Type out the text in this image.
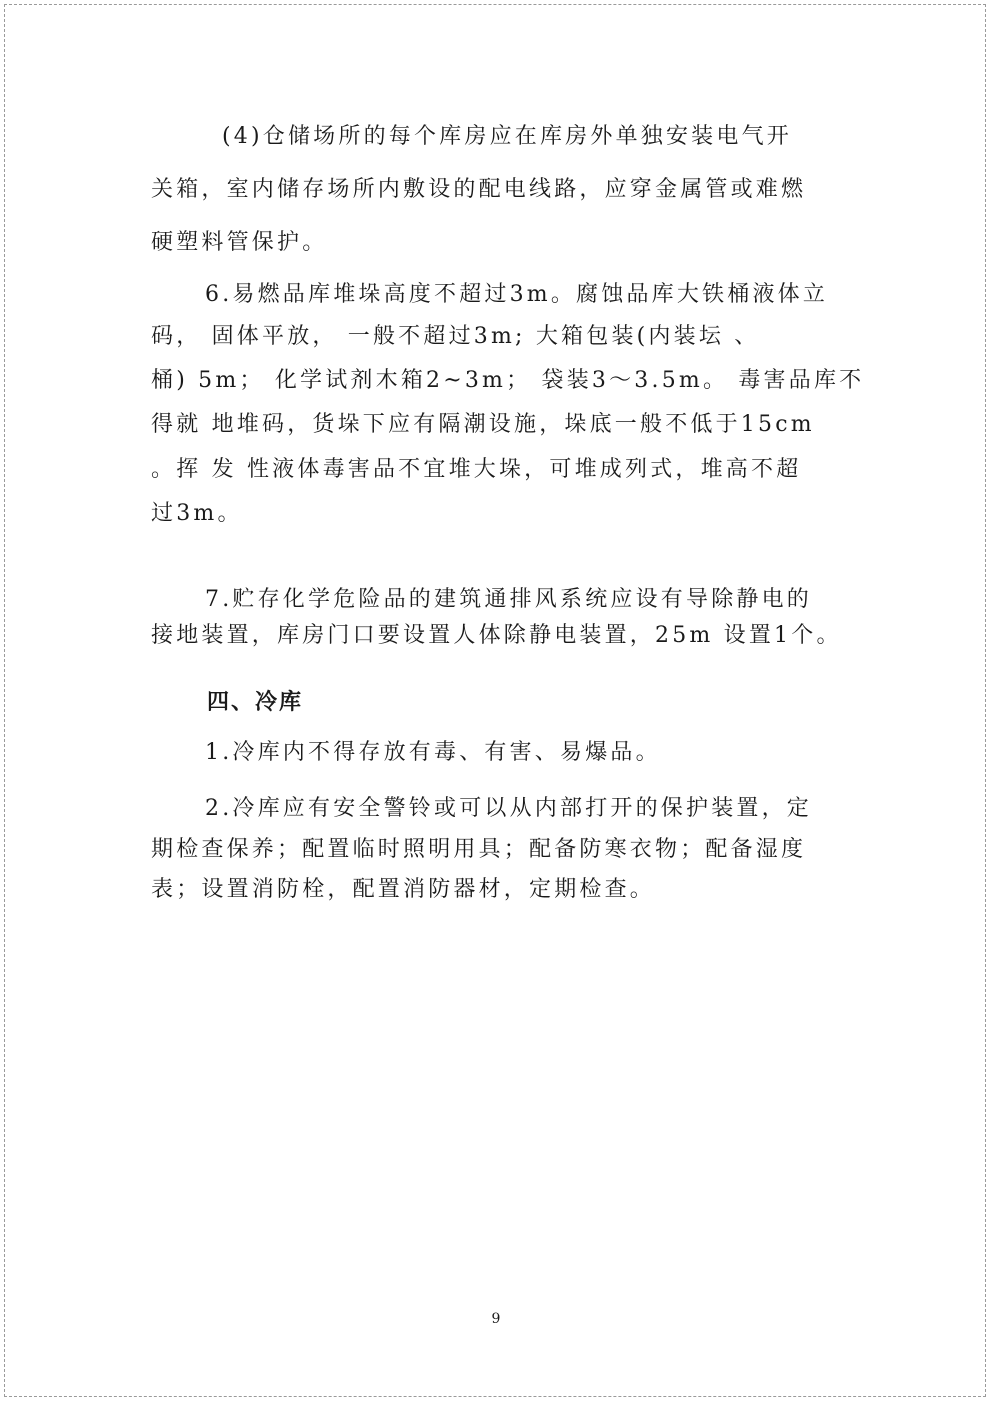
(4)仓储场所的每个库房应在库房外单独安装电气开
关箱，室内储存场所内敷设的配电线路，应穿金属管或难燃
硬塑料管保护。
6.易燃品库堆垛高度不超过3m。腐蚀品库大铁桶液体立
码， 固体平放， 一般不超过3m; 大箱包装(内装坛 、
桶) 5m； 化学试剂木箱2~3m； 袋装3～3.5m。 毒害品库不
得就 地堆码，货垛下应有隔潮设施，垛底一般不低于15cm
。挥 发 性液体毒害品不宜堆大垛，可堆成列式，堆高不超
过3m。
7.贮存化学危险品的建筑通排风系统应设有导除静电的
接地装置，库房门口要设置人体除静电装置，25m 设置1个。
四、冷库
1.冷库内不得存放有毒、有害、易爆品。
2.冷库应有安全警铃或可以从内部打开的保护装置，定
期检查保养；配置临时照明用具；配备防寒衣物；配备湿度
表；设置消防栓，配置消防器材，定期检查。
9
